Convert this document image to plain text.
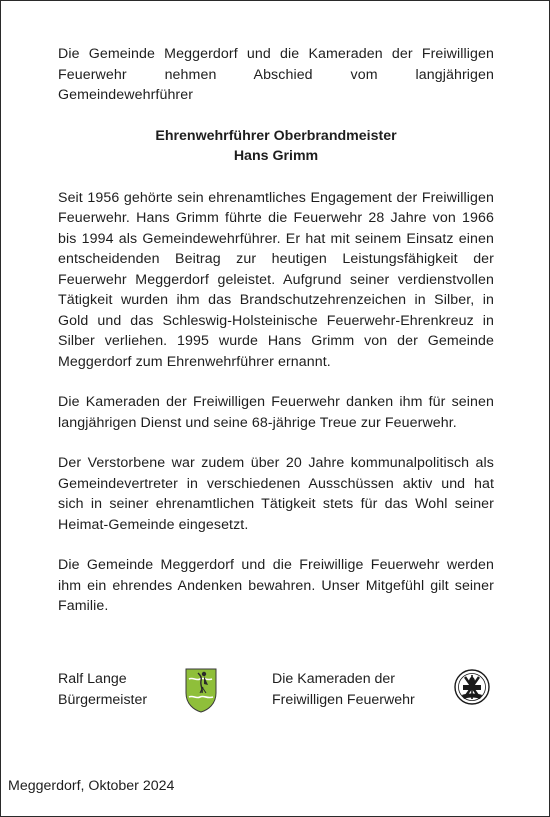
Die Gemeinde Meggerdorf und die Kameraden der Freiwilligen Feuerwehr nehmen Abschied vom langjährigen Gemeindewehrführer

Ehrenwehrführer Oberbrandmeister
Hans Grimm

Seit 1956 gehörte sein ehrenamtliches Engagement der Freiwilligen Feuerwehr. Hans Grimm führte die Feuerwehr 28 Jahre von 1966 bis 1994 als Gemeindewehrführer. Er hat mit seinem Einsatz einen entscheidenden Beitrag zur heutigen Leistungsfähigkeit der Feuerwehr Meggerdorf geleistet. Aufgrund seiner verdienstvollen Tätigkeit wurden ihm das Brandschutzehrenzeichen in Silber, in Gold und das Schleswig-Holsteinische Feuerwehr-Ehrenkreuz in Silber verliehen. 1995 wurde Hans Grimm von der Gemeinde Meggerdorf zum Ehrenwehrführer ernannt.

Die Kameraden der Freiwilligen Feuerwehr danken ihm für seinen langjährigen Dienst und seine 68-jährige Treue zur Feuerwehr.

Der Verstorbene war zudem über 20 Jahre kommunalpolitisch als Gemeindevertreter in verschiedenen Ausschüssen aktiv und hat sich in seiner ehrenamtlichen Tätigkeit stets für das Wohl seiner Heimat-Gemeinde eingesetzt.

Die Gemeinde Meggerdorf und die Freiwillige Feuerwehr werden ihm ein ehrendes Andenken bewahren. Unser Mitgefühl gilt seiner Familie.

Ralf Lange
Bürgermeister
Die Kameraden der
Freiwilligen Feuerwehr
Meggerdorf, Oktober 2024
